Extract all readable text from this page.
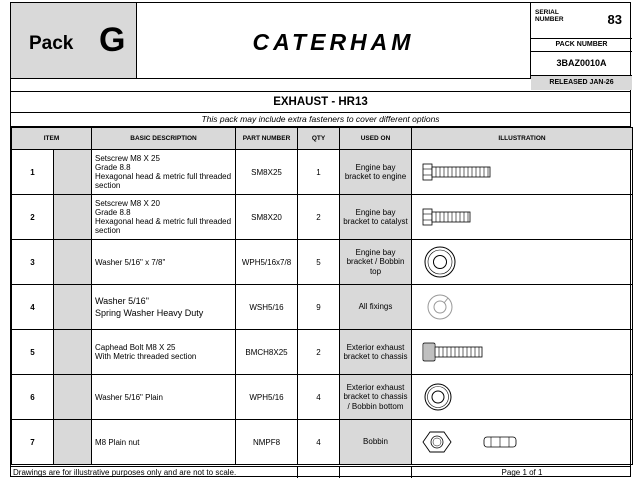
Pack G	CATERHAM
SERIAL
NUMBER	83
PACK NUMBER
3BAZ0010A
RELEASED JAN-26
EXHAUST - HR13
This pack may include extra fasteners to cover different options
ITEM		BASIC DESCRIPTION	PART NUMBER	QTY	USED ON	ILLUSTRATION
1		Setscrew M8 X 25
Grade 8.8
Hexagonal head & metric full threaded section	SM8X25	1	Engine bay
bracket to engine	

2		Setscrew M8 X 20
Grade 8.8
Hexagonal head & metric full threaded section	SM8X20	2	Engine bay
bracket to catalyst	

3		Washer 5/16" x 7/8"	WPH5/16x7/8	5	Engine bay
bracket / Bobbin
top	

4		Washer 5/16"
Spring Washer Heavy Duty	WSH5/16	9	All fixings	

5		Caphead Bolt M8 X 25
With Metric threaded section	BMCH8X25	2	Exterior exhaust
bracket to chassis	

6		Washer 5/16" Plain	WPH5/16	4	Exterior exhaust
bracket to chassis
/ Bobbin bottom	

7		M8 Plain nut	NMPF8	4	Bobbin	
Drawings are for illustrative purposes only and are not to scale.	Page 1 of 1
